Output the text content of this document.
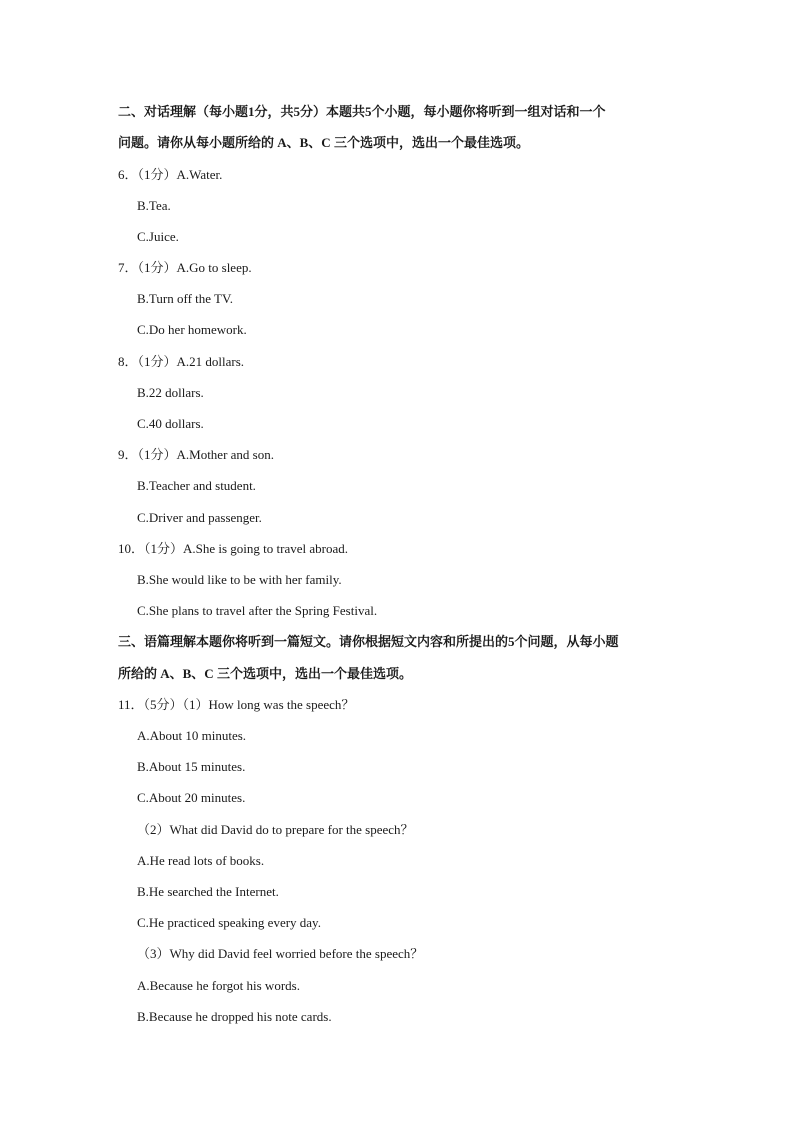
二、对话理解（每小题1分，共5分）本题共5个小题，每小题你将听到一组对话和一个
问题。请你从每小题所给的 A、B、C 三个选项中，选出一个最佳选项。
6．（1分）A.Water.
B.Tea.
C.Juice.
7．（1分）A.Go to sleep.
B.Turn off the TV.
C.Do her homework.
8．（1分）A.21 dollars.
B.22 dollars.
C.40 dollars.
9．（1分）A.Mother and son.
B.Teacher and student.
C.Driver and passenger.
10．（1分）A.She is going to travel abroad.
B.She would like to be with her family.
C.She plans to travel after the Spring Festival.
三、语篇理解本题你将听到一篇短文。请你根据短文内容和所提出的5个问题，从每小题
所给的 A、B、C 三个选项中，选出一个最佳选项。
11．（5分）（1）How long was the speech？
A.About 10 minutes.
B.About 15 minutes.
C.About 20 minutes.
（2）What did David do to prepare for the speech？
A.He read lots of books.
B.He searched the Internet.
C.He practiced speaking every day.
（3）Why did David feel worried before the speech？
A.Because he forgot his words.
B.Because he dropped his note cards.
